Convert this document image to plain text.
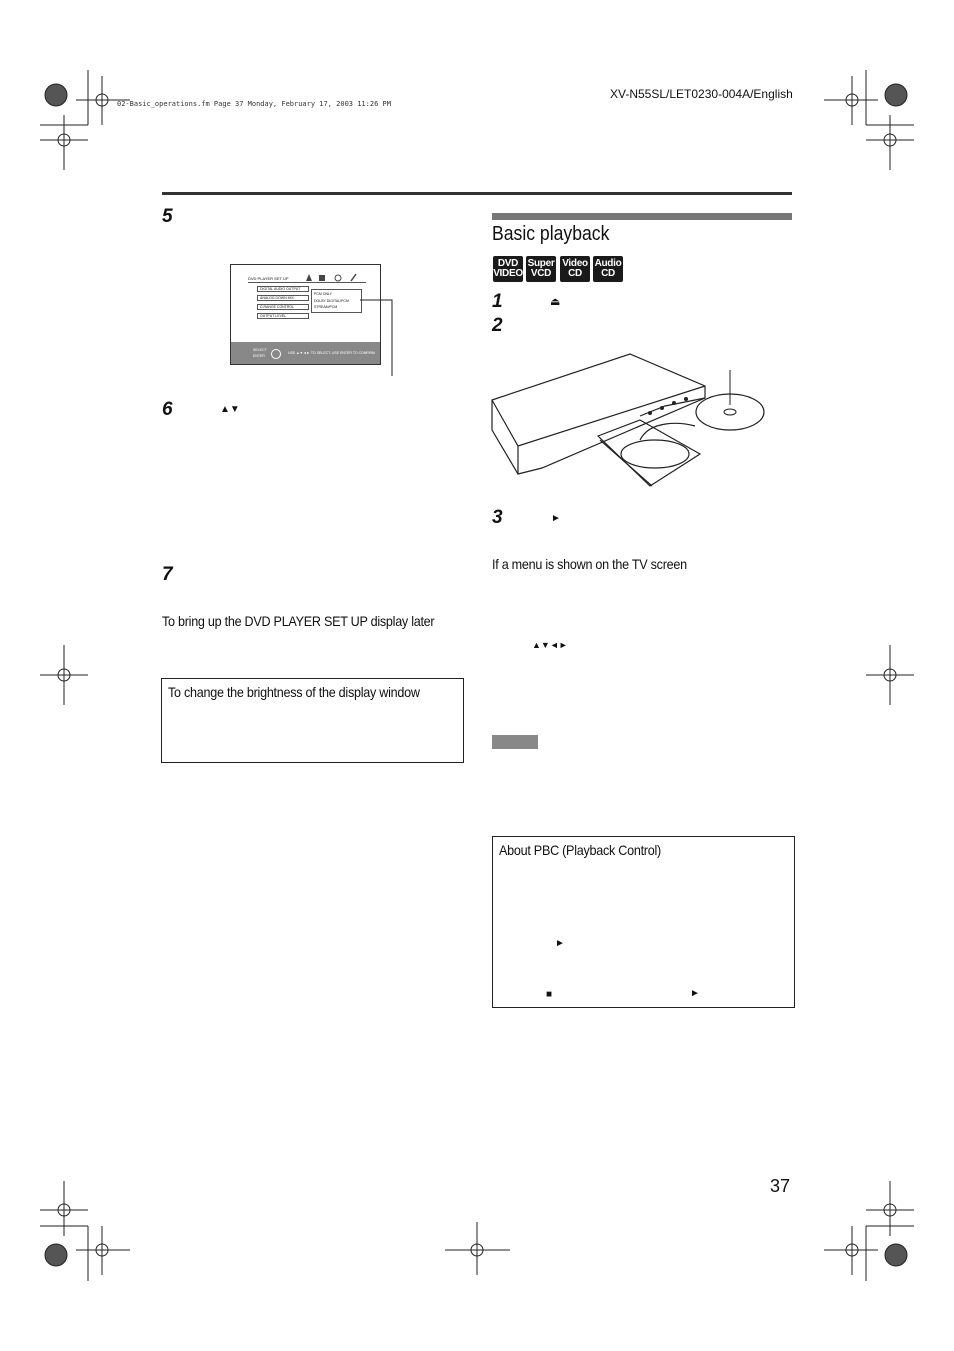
XV-N55SL/LET0230-004A/English
02-Basic_operations.fm Page 37 Monday, February 17, 2003 11:26 PM
5
DVD PLAYER SET UP
DIGITAL AUDIO OUTPUT
ANALOG DOWN MIX
D.RANGE CONTROL
OUTPUT LEVEL
PCM ONLY
DOLBY DIGITAL/PCM
STREAM/PCM
SELECT
ENTER
USE ▲▼◄► TO SELECT, USE ENTER TO CONFIRM
6	▲▼
7
To bring up the DVD PLAYER SET UP display later
To change the brightness of the display window
Basic playback
DVD
VIDEO
Super
VCD
Video
CD
Audio
CD
1	⏏
2
3	►
If a menu is shown on the TV screen
▲▼◄►
About PBC (Playback Control)
►
■	►
37
